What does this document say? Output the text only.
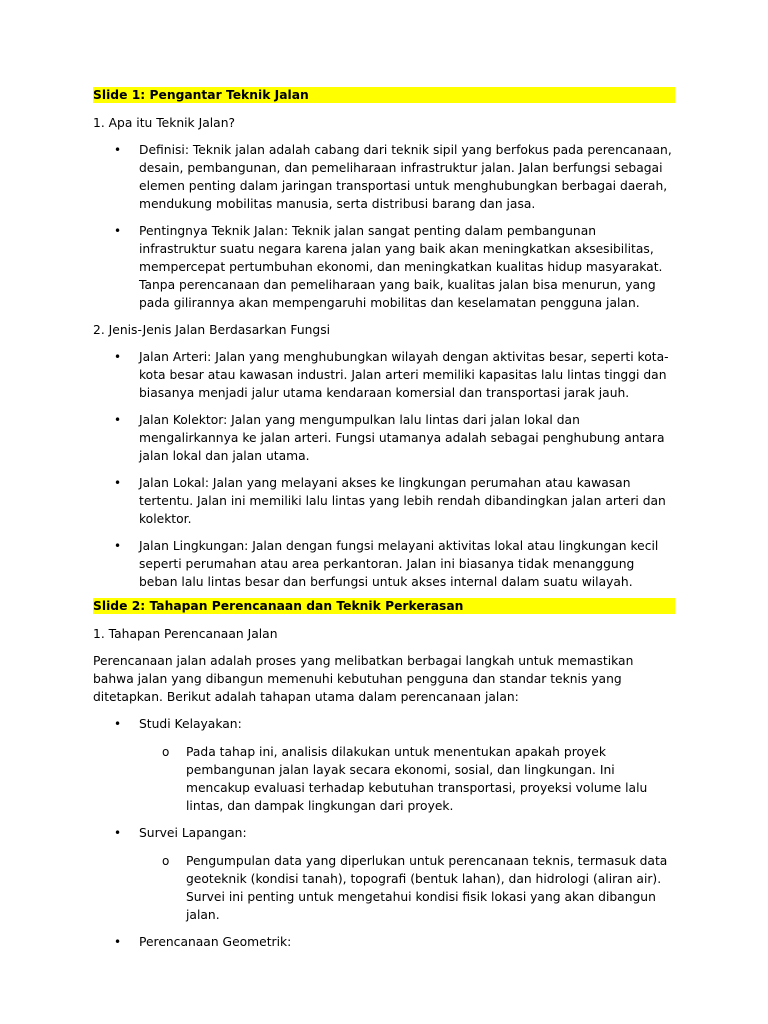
Slide 1: Pengantar Teknik Jalan

1. Apa itu Teknik Jalan?

• Definisi: Teknik jalan adalah cabang dari teknik sipil yang berfokus pada perencanaan, desain, pembangunan, dan pemeliharaan infrastruktur jalan. Jalan berfungsi sebagai elemen penting dalam jaringan transportasi untuk menghubungkan berbagai daerah, mendukung mobilitas manusia, serta distribusi barang dan jasa.
• Pentingnya Teknik Jalan: Teknik jalan sangat penting dalam pembangunan infrastruktur suatu negara karena jalan yang baik akan meningkatkan aksesibilitas, mempercepat pertumbuhan ekonomi, dan meningkatkan kualitas hidup masyarakat. Tanpa perencanaan dan pemeliharaan yang baik, kualitas jalan bisa menurun, yang pada gilirannya akan mempengaruhi mobilitas dan keselamatan pengguna jalan.

2. Jenis-Jenis Jalan Berdasarkan Fungsi

• Jalan Arteri: Jalan yang menghubungkan wilayah dengan aktivitas besar, seperti kota-kota besar atau kawasan industri. Jalan arteri memiliki kapasitas lalu lintas tinggi dan biasanya menjadi jalur utama kendaraan komersial dan transportasi jarak jauh.
• Jalan Kolektor: Jalan yang mengumpulkan lalu lintas dari jalan lokal dan mengalirkannya ke jalan arteri. Fungsi utamanya adalah sebagai penghubung antara jalan lokal dan jalan utama.
• Jalan Lokal: Jalan yang melayani akses ke lingkungan perumahan atau kawasan tertentu. Jalan ini memiliki lalu lintas yang lebih rendah dibandingkan jalan arteri dan kolektor.
• Jalan Lingkungan: Jalan dengan fungsi melayani aktivitas lokal atau lingkungan kecil seperti perumahan atau area perkantoran. Jalan ini biasanya tidak menanggung beban lalu lintas besar dan berfungsi untuk akses internal dalam suatu wilayah.
Slide 2: Tahapan Perencanaan dan Teknik Perkerasan

1. Tahapan Perencanaan Jalan

Perencanaan jalan adalah proses yang melibatkan berbagai langkah untuk memastikan bahwa jalan yang dibangun memenuhi kebutuhan pengguna dan standar teknis yang ditetapkan. Berikut adalah tahapan utama dalam perencanaan jalan:

• Studi Kelayakan:
o Pada tahap ini, analisis dilakukan untuk menentukan apakah proyek pembangunan jalan layak secara ekonomi, sosial, dan lingkungan. Ini mencakup evaluasi terhadap kebutuhan transportasi, proyeksi volume lalu lintas, dan dampak lingkungan dari proyek.
• Survei Lapangan:
o Pengumpulan data yang diperlukan untuk perencanaan teknis, termasuk data geoteknik (kondisi tanah), topografi (bentuk lahan), dan hidrologi (aliran air). Survei ini penting untuk mengetahui kondisi fisik lokasi yang akan dibangun jalan.
• Perencanaan Geometrik:
